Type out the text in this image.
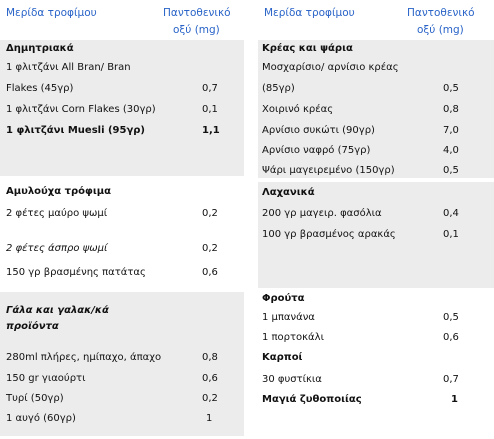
Μερίδα τροφίμου	Παντοθενικό
οξύ (mg)
Μερίδα τροφίμου	Παντοθενικό
οξύ (mg)
Δημητριακά
1 φλιτζάνι All Bran/ Bran
Flakes (45γρ)	0,7
1 φλιτζάνι Corn Flakes (30γρ)	0,1
1 φλιτζάνι Muesli (95γρ)	1,1
Αμυλούχα τρόφιμα
2 φέτες μαύρο ψωμί	0,2
2 φέτες άσπρο ψωμί	0,2
150 γρ βρασμένης πατάτας	0,6
Γάλα και γαλακ/κά
προϊόντα
280ml πλήρες, ημίπαχο, άπαχο	0,8
150 gr γιαούρτι	0,6
Τυρί (50γρ)	0,2
1 αυγό (60γρ)	1
Κρέας και ψάρια
Μοσχαρίσιο/ αρνίσιο κρέας
(85γρ)	0,5
Χοιρινό κρέας	0,8
Αρνίσιο συκώτι (90γρ)	7,0
Αρνίσιο ναφρό (75γρ)	4,0
Ψάρι μαγειρεμένο (150γρ)	0,5
Λαχανικά
200 γρ μαγειρ. φασόλια	0,4
100 γρ βρασμένος αρακάς	0,1
Φρούτα
1 μπανάνα	0,5
1 πορτοκάλι	0,6
Καρποί
30 φυστίκια	0,7
Μαγιά ζυθοποιίας	1
